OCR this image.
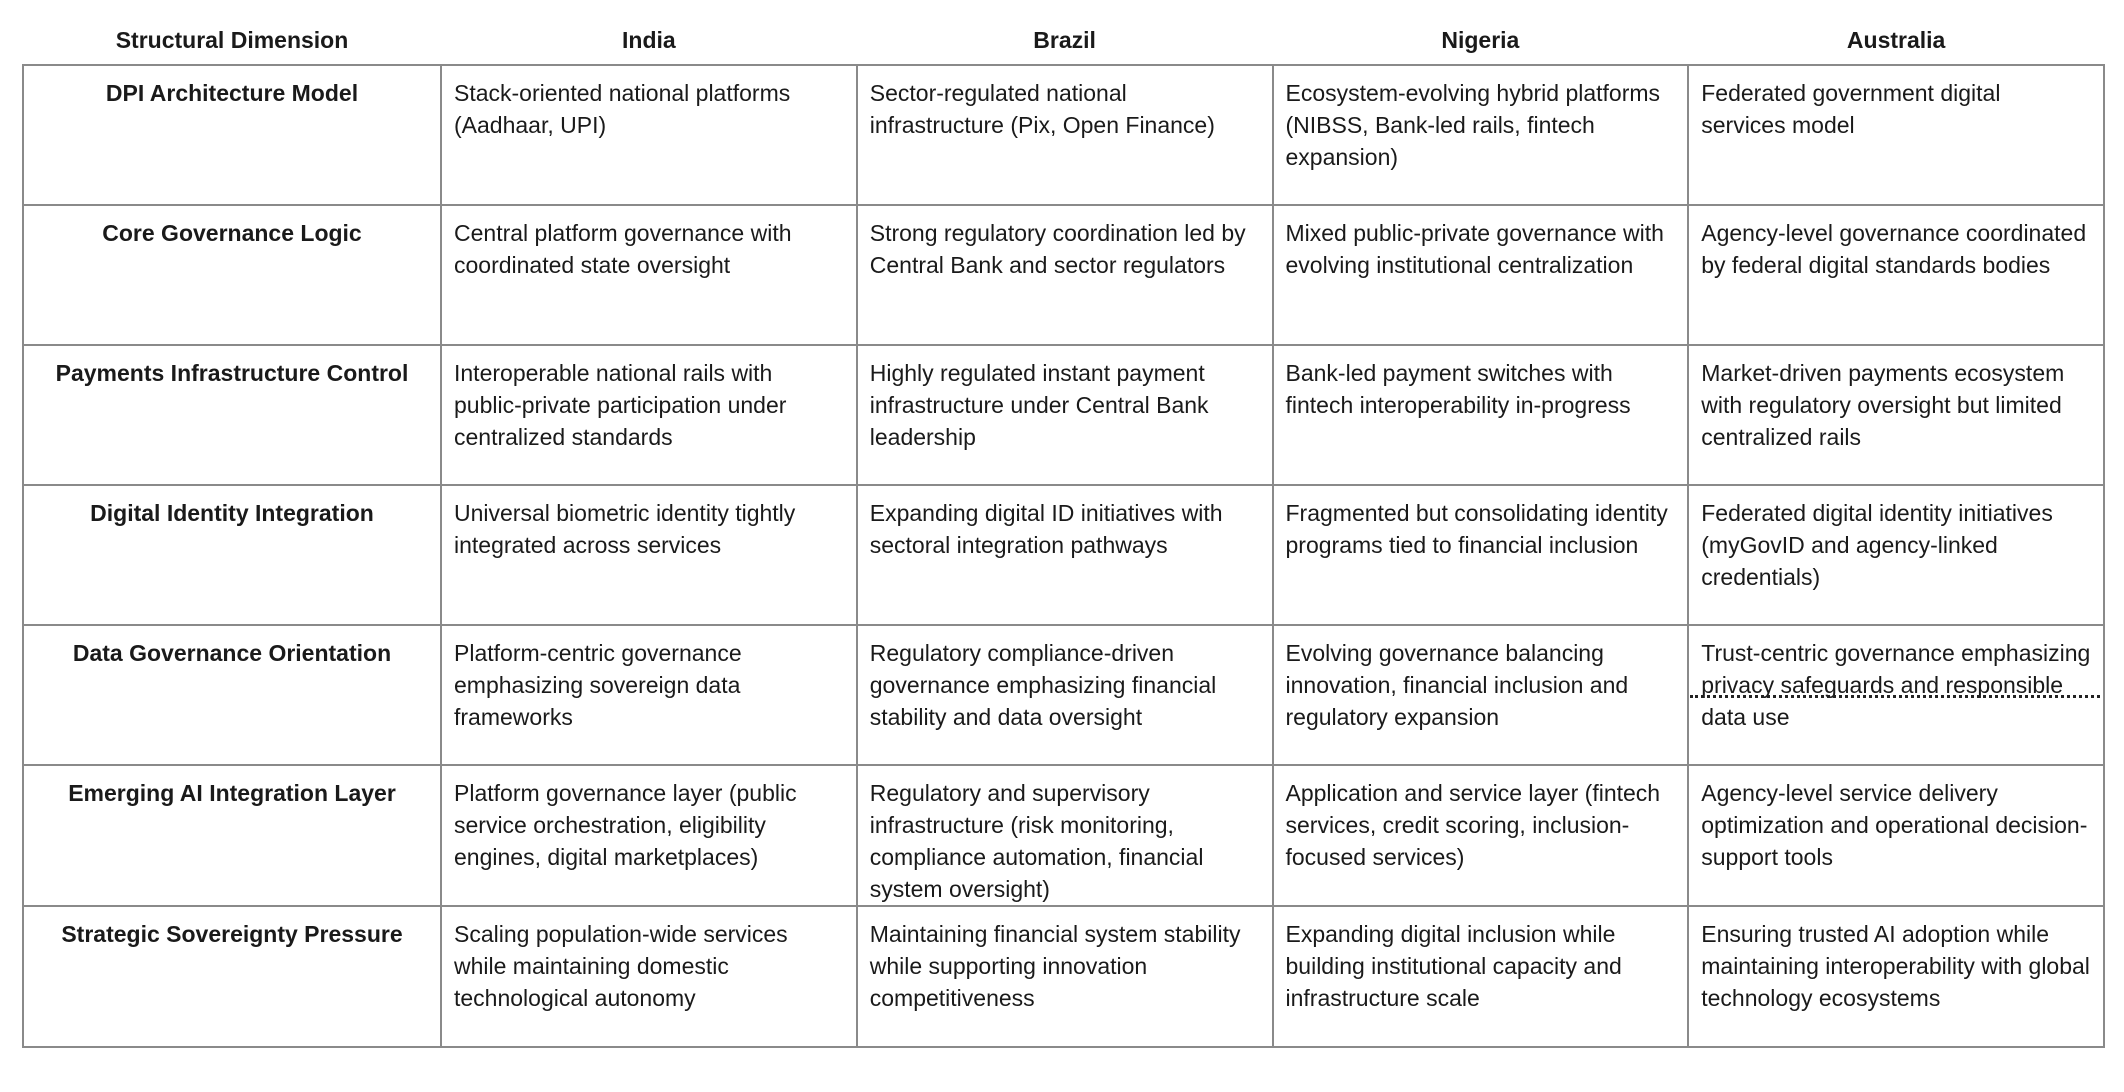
Structural Dimension	India	Brazil	Nigeria	Australia
DPI Architecture Model	Stack-oriented national platforms (Aadhaar, UPI)	Sector-regulated national infrastructure (Pix, Open Finance)	Ecosystem-evolving hybrid platforms (NIBSS, Bank-led rails, fintech expansion)	Federated government digital services model
Core Governance Logic	Central platform governance with coordinated state oversight	Strong regulatory coordination led by Central Bank and sector regulators	Mixed public-private governance with evolving institutional centralization	Agency-level governance coordinated by federal digital standards bodies
Payments Infrastructure Control	Interoperable national rails with public-private participation under centralized standards	Highly regulated instant payment infrastructure under Central Bank leadership	Bank-led payment switches with fintech interoperability in-progress	Market-driven payments ecosystem with regulatory oversight but limited centralized rails
Digital Identity Integration	Universal biometric identity tightly integrated across services	Expanding digital ID initiatives with sectoral integration pathways	Fragmented but consolidating identity programs tied to financial inclusion	Federated digital identity initiatives (myGovID and agency-linked credentials)
Data Governance Orientation	Platform-centric governance emphasizing sovereign data frameworks	Regulatory compliance-driven governance emphasizing financial stability and data oversight	Evolving governance balancing innovation, financial inclusion and regulatory expansion	Trust-centric governance emphasizing privacy safeguards and responsible data use
Emerging AI Integration Layer	Platform governance layer (public service orchestration, eligibility engines, digital marketplaces)	Regulatory and supervisory infrastructure (risk monitoring, compliance automation, financial system oversight)	Application and service layer (fintech services, credit scoring, inclusion-focused services)	Agency-level service delivery optimization and operational decision-support tools
Strategic Sovereignty Pressure	Scaling population-wide services while maintaining domestic technological autonomy	Maintaining financial system stability while supporting innovation competitiveness	Expanding digital inclusion while building institutional capacity and infrastructure scale	Ensuring trusted AI adoption while maintaining interoperability with global technology ecosystems
